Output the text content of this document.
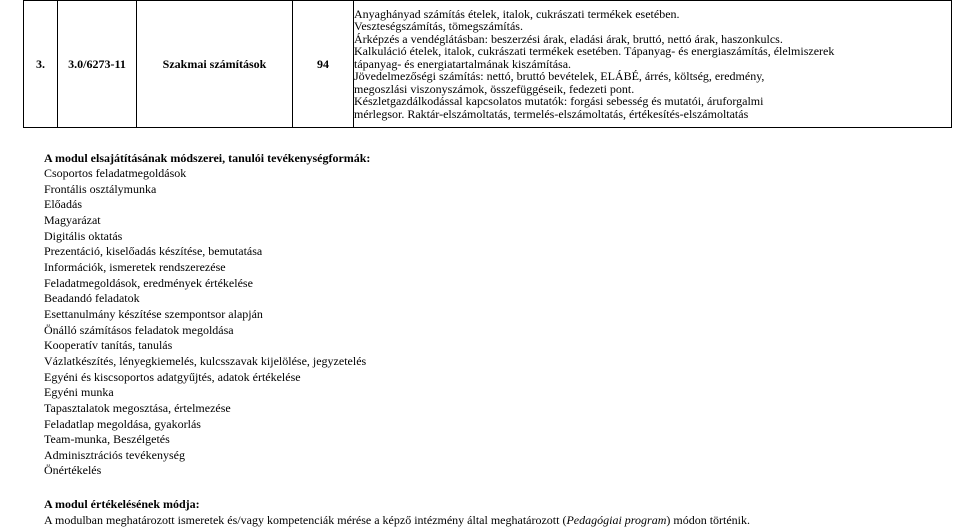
3.	3.0/6273-11	Szakmai számítások	94	
Anyaghányad számítás ételek, italok, cukrászati termékek esetében.
Veszteségszámítás, tömegszámítás.
Árképzés a vendéglátásban: beszerzési árak, eladási árak, bruttó, nettó árak, haszonkulcs.
Kalkuláció ételek, italok, cukrászati termékek esetében. Tápanyag- és energiaszámítás, élelmiszerek
tápanyag- és energiatartalmának kiszámítása.
Jövedelmezőségi számítás: nettó, bruttó bevételek, ELÁBÉ, árrés, költség, eredmény,
megoszlási viszonyszámok, összefüggéseik, fedezeti pont.
Készletgazdálkodással kapcsolatos mutatók: forgási sebesség és mutatói, áruforgalmi
mérlegsor. Raktár-elszámoltatás, termelés-elszámoltatás, értékesítés-elszámoltatás
A modul elsajátításának módszerei, tanulói tevékenységformák:
Csoportos feladatmegoldások
Frontális osztálymunka
Előadás
Magyarázat
Digitális oktatás
Prezentáció, kiselőadás készítése, bemutatása
Információk, ismeretek rendszerezése
Feladatmegoldások, eredmények értékelése
Beadandó feladatok
Esettanulmány készítése szempontsor alapján
Önálló számításos feladatok megoldása
Kooperatív tanítás, tanulás
Vázlatkészítés, lényegkiemelés, kulcsszavak kijelölése, jegyzetelés
Egyéni és kiscsoportos adatgyűjtés, adatok értékelése
Egyéni munka
Tapasztalatok megosztása, értelmezése
Feladatlap megoldása, gyakorlás
Team-munka, Beszélgetés
Adminisztrációs tevékenység
Önértékelés
A modul értékelésének módja:
A modulban meghatározott ismeretek és/vagy kompetenciák mérése a képző intézmény által meghatározott (Pedagógiai program) módon történik.
